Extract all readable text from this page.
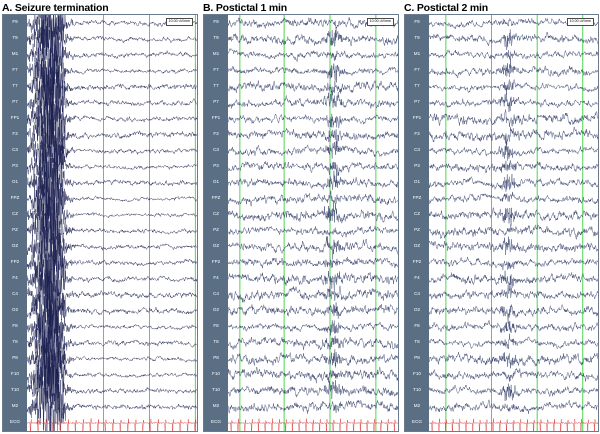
A. Seizure termination
F9
T9
M1
F7
T7
P7
FP1
F3
C3
P3
O1
FPZ
CZ
PZ
OZ
FP2
F4
C4
O2
F8
T8
P8
F10
T10
M2
ECG
10.00 uV/mm
B. Postictal 1 min
F9
T9
M1
F7
T7
P7
FP1
F3
C3
P3
O1
FPZ
CZ
PZ
OZ
FP2
F4
C4
O2
F8
T8
P8
F10
T10
M2
ECG
10.00 uV/mm
C. Postictal 2 min
F9
T9
M1
F7
T7
P7
FP1
F3
C3
P3
O1
FPZ
CZ
PZ
OZ
FP2
F4
C4
O2
F8
T8
P8
F10
T10
M2
ECG
10.00 uV/mm
